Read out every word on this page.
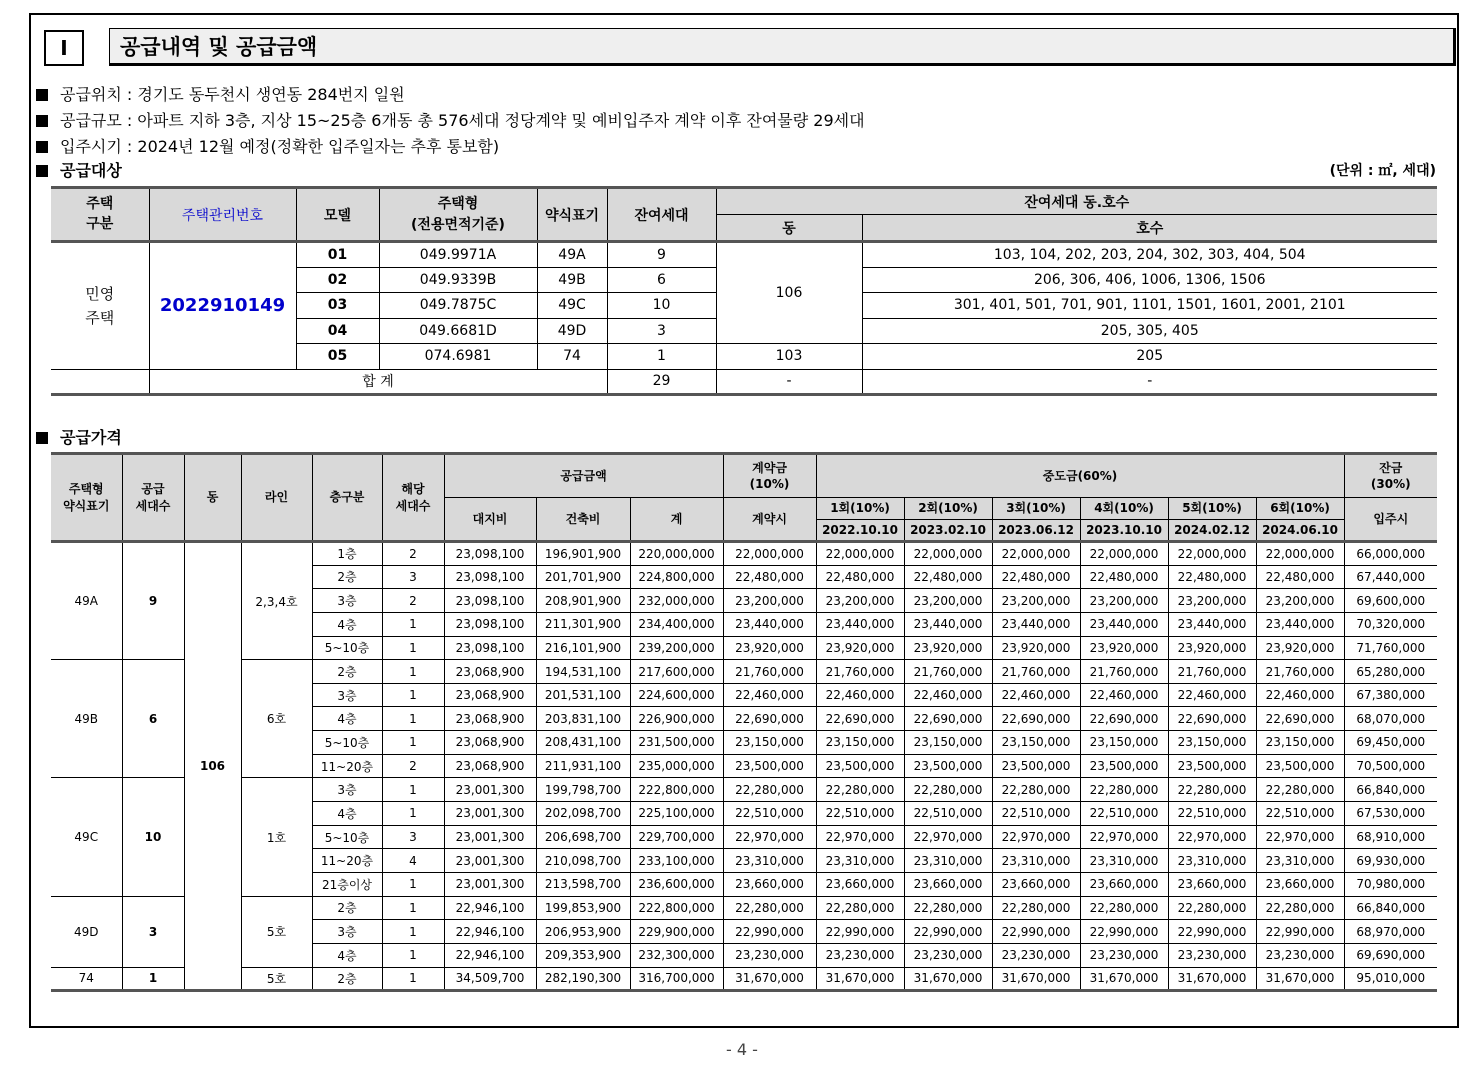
I	공급내역 및 공급금액
공급위치 : 경기도 동두천시 생연동 284번지 일원
공급규모 : 아파트 지하 3층, 지상 15~25층 6개동 총 576세대 정당계약 및 예비입주자 계약 이후 잔여물량 29세대
입주시기 : 2024년 12월 예정(정확한 입주일자는 추후 통보함)
공급대상	(단위 : ㎡, 세대)
주택
구분	주택관리번호	모델	주택형
(전용면적기준)	약식표기	잔여세대	잔여세대 동.호수	
						동	호수
민영
주택	2022910149	01	049.9971A	49A	9	106	103, 104, 202, 203, 204, 302, 303, 404, 504
		02	049.9339B	49B	6		206, 306, 406, 1006, 1306, 1506
		03	049.7875C	49C	10		301, 401, 501, 701, 901, 1101, 1501, 1601, 2001, 2101
		04	049.6681D	49D	3		205, 305, 405
		05	074.6981	74	1	103	205
	합 계				29	-	-
공급가격
주택형
약식표기	공급
세대수	동	라인	층구분	해당
세대수	공급금액			계약금
(10%)	중도금(60%)						잔금
(30%)
						대지비	건축비	계	계약시	1회(10%)	2회(10%)	3회(10%)	4회(10%)	5회(10%)	6회(10%)	입주시
										2022.10.10	2023.02.10	2023.06.12	2023.10.10	2024.02.12	2024.06.10	
49A	9	106	2,3,4호	1층	2	23,098,100	196,901,900	220,000,000	22,000,000	22,000,000	22,000,000	22,000,000	22,000,000	22,000,000	22,000,000	66,000,000
				2층	3	23,098,100	201,701,900	224,800,000	22,480,000	22,480,000	22,480,000	22,480,000	22,480,000	22,480,000	22,480,000	67,440,000
				3층	2	23,098,100	208,901,900	232,000,000	23,200,000	23,200,000	23,200,000	23,200,000	23,200,000	23,200,000	23,200,000	69,600,000
				4층	1	23,098,100	211,301,900	234,400,000	23,440,000	23,440,000	23,440,000	23,440,000	23,440,000	23,440,000	23,440,000	70,320,000
				5~10층	1	23,098,100	216,101,900	239,200,000	23,920,000	23,920,000	23,920,000	23,920,000	23,920,000	23,920,000	23,920,000	71,760,000
49B	6		6호	2층	1	23,068,900	194,531,100	217,600,000	21,760,000	21,760,000	21,760,000	21,760,000	21,760,000	21,760,000	21,760,000	65,280,000
				3층	1	23,068,900	201,531,100	224,600,000	22,460,000	22,460,000	22,460,000	22,460,000	22,460,000	22,460,000	22,460,000	67,380,000
				4층	1	23,068,900	203,831,100	226,900,000	22,690,000	22,690,000	22,690,000	22,690,000	22,690,000	22,690,000	22,690,000	68,070,000
				5~10층	1	23,068,900	208,431,100	231,500,000	23,150,000	23,150,000	23,150,000	23,150,000	23,150,000	23,150,000	23,150,000	69,450,000
				11~20층	2	23,068,900	211,931,100	235,000,000	23,500,000	23,500,000	23,500,000	23,500,000	23,500,000	23,500,000	23,500,000	70,500,000
49C	10		1호	3층	1	23,001,300	199,798,700	222,800,000	22,280,000	22,280,000	22,280,000	22,280,000	22,280,000	22,280,000	22,280,000	66,840,000
				4층	1	23,001,300	202,098,700	225,100,000	22,510,000	22,510,000	22,510,000	22,510,000	22,510,000	22,510,000	22,510,000	67,530,000
				5~10층	3	23,001,300	206,698,700	229,700,000	22,970,000	22,970,000	22,970,000	22,970,000	22,970,000	22,970,000	22,970,000	68,910,000
				11~20층	4	23,001,300	210,098,700	233,100,000	23,310,000	23,310,000	23,310,000	23,310,000	23,310,000	23,310,000	23,310,000	69,930,000
				21층이상	1	23,001,300	213,598,700	236,600,000	23,660,000	23,660,000	23,660,000	23,660,000	23,660,000	23,660,000	23,660,000	70,980,000
49D	3		5호	2층	1	22,946,100	199,853,900	222,800,000	22,280,000	22,280,000	22,280,000	22,280,000	22,280,000	22,280,000	22,280,000	66,840,000
				3층	1	22,946,100	206,953,900	229,900,000	22,990,000	22,990,000	22,990,000	22,990,000	22,990,000	22,990,000	22,990,000	68,970,000
				4층	1	22,946,100	209,353,900	232,300,000	23,230,000	23,230,000	23,230,000	23,230,000	23,230,000	23,230,000	23,230,000	69,690,000
74	1		5호	2층	1	34,509,700	282,190,300	316,700,000	31,670,000	31,670,000	31,670,000	31,670,000	31,670,000	31,670,000	31,670,000	95,010,000
- 4 -
